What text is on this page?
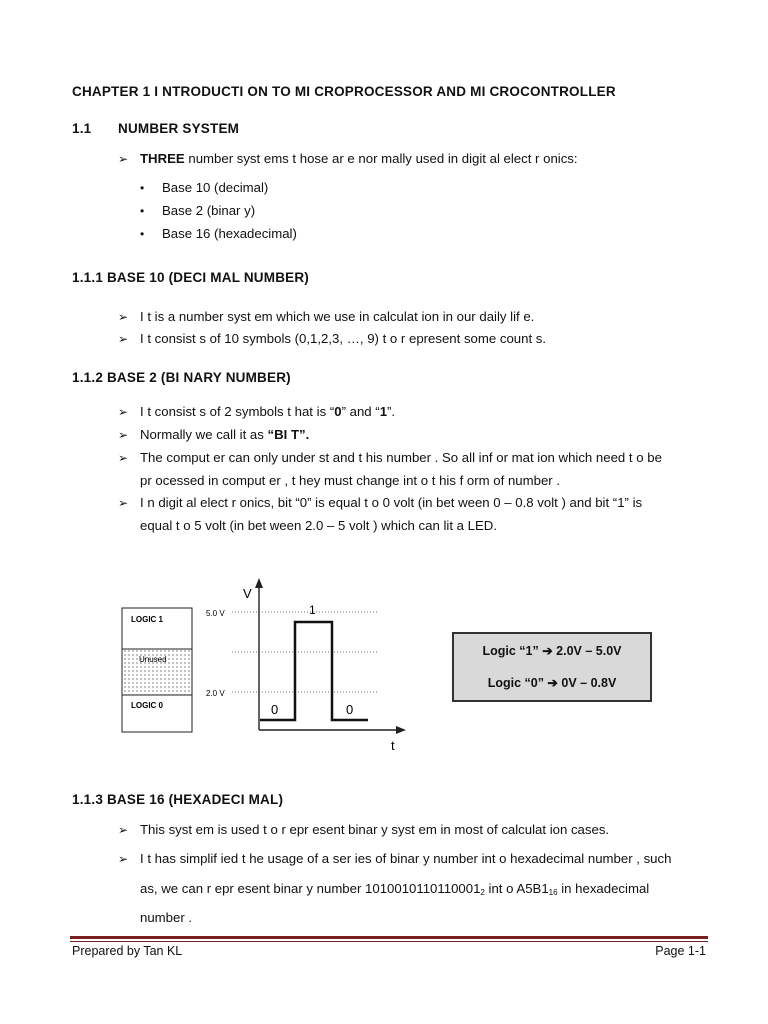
CHAPTER 1 I NTRODUCTI ON TO MI CROPROCESSOR AND MI CROCONTROLLER
1.1 NUMBER SYSTEM
➢ THREE number syst ems t hose ar e nor mally used in digit al elect r onics:
• Base 10 (decimal)
• Base 2 (binar y)
• Base 16 (hexadecimal)
1.1.1 BASE 10 (DECI MAL NUMBER)
➢ I t is a number syst em which we use in calculat ion in our daily lif e.
➢ I t consist s of 10 symbols (0,1,2,3, …, 9) t o r epresent some count s.
1.1.2 BASE 2 (BI NARY NUMBER)
➢ I t consist s of 2 symbols t hat is “0” and “1”.
➢ Normally we call it as “BI T”.
➢ The comput er can only under st and t his number . So all inf or mat ion which need t o be
pr ocessed in comput er , t hey must change int o t his f orm of number .
➢ I n digit al elect r onics, bit “0” is equal t o 0 volt (in bet ween 0 – 0.8 volt ) and bit “1” is
equal t o 5 volt (in bet ween 2.0 – 5 volt ) which can lit a LED.
LOGIC 1
Unused
LOGIC 0
5.0 V
2.0 V
V
t
1
0	0
Logic “1” ➔ 2.0V – 5.0V
Logic “0” ➔ 0V – 0.8V
1.1.3 BASE 16 (HEXADECI MAL)
➢ This syst em is used t o r epr esent binar y syst em in most of calculat ion cases.
➢ I t has simplif ied t he usage of a ser ies of binar y number int o hexadecimal number , such
as, we can r epr esent binar y number $1010010110110001_2$ int o $A5B1_{16}$ in hexadecimal
number .
Prepared by Tan KL	Page 1-1
